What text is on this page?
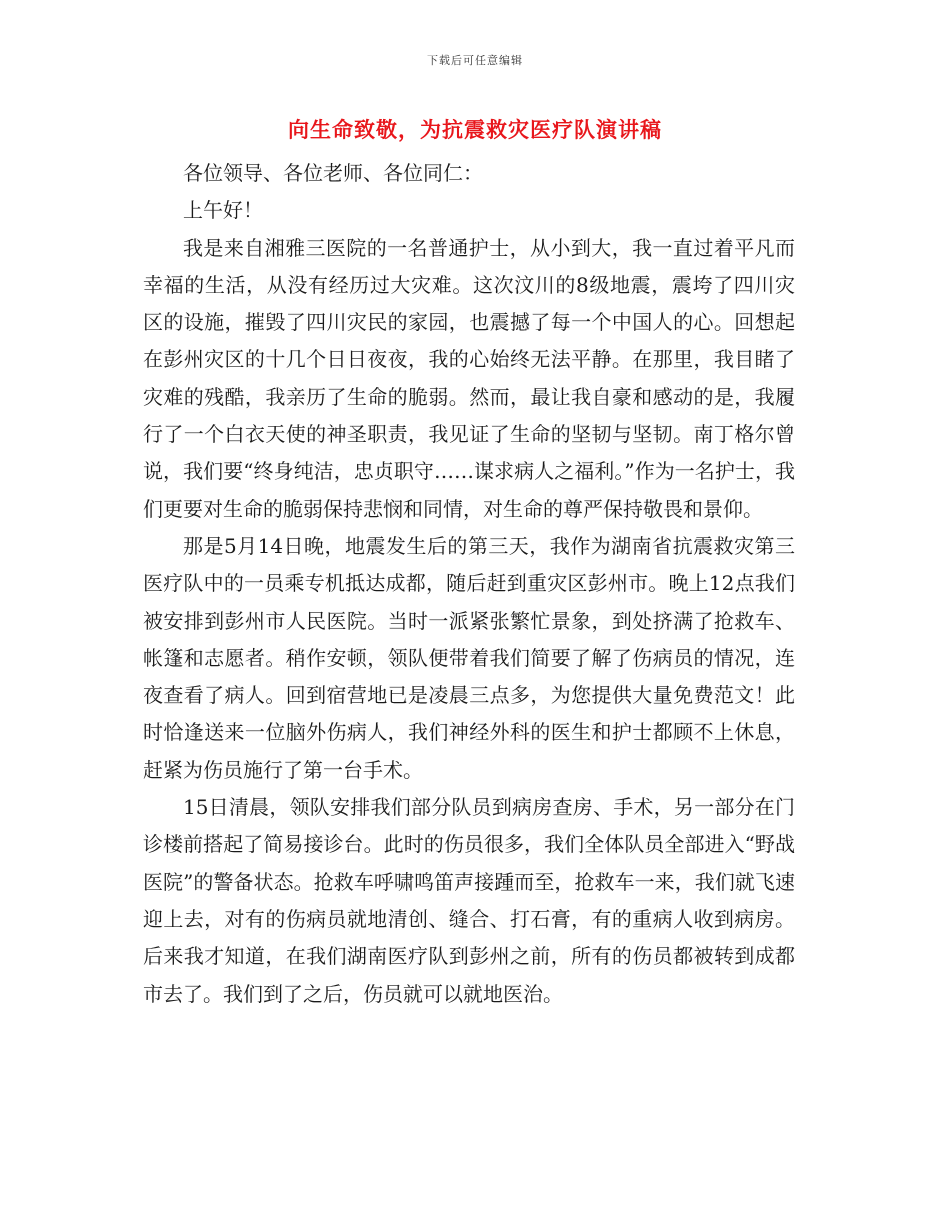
下载后可任意编辑
向生命致敬，为抗震救灾医疗队演讲稿

各位领导、各位老师、各位同仁：

上午好！

我是来自湘雅三医院的一名普通护士，从小到大，我一直过着平凡而幸福的生活，从没有经历过大灾难。这次汶川的8级地震，震垮了四川灾区的设施，摧毁了四川灾民的家园，也震撼了每一个中国人的心。回想起在彭州灾区的十几个日日夜夜，我的心始终无法平静。在那里，我目睹了灾难的残酷，我亲历了生命的脆弱。然而，最让我自豪和感动的是，我履行了一个白衣天使的神圣职责，我见证了生命的坚韧与坚韧。南丁格尔曾说，我们要“终身纯洁，忠贞职守……谋求病人之福利。”作为一名护士，我们更要对生命的脆弱保持悲悯和同情，对生命的尊严保持敬畏和景仰。

那是5月14日晚，地震发生后的第三天，我作为湖南省抗震救灾第三医疗队中的一员乘专机抵达成都，随后赶到重灾区彭州市。晚上12点我们被安排到彭州市人民医院。当时一派紧张繁忙景象，到处挤满了抢救车、帐篷和志愿者。稍作安顿，领队便带着我们简要了解了伤病员的情况，连夜查看了病人。回到宿营地已是凌晨三点多，为您提供大量免费范文！此时恰逢送来一位脑外伤病人，我们神经外科的医生和护士都顾不上休息，赶紧为伤员施行了第一台手术。

15日清晨，领队安排我们部分队员到病房查房、手术，另一部分在门诊楼前搭起了简易接诊台。此时的伤员很多，我们全体队员全部进入“野战医院”的警备状态。抢救车呼啸鸣笛声接踵而至，抢救车一来，我们就飞速迎上去，对有的伤病员就地清创、缝合、打石膏，有的重病人收到病房。后来我才知道，在我们湖南医疗队到彭州之前，所有的伤员都被转到成都市去了。我们到了之后，伤员就可以就地医治。
